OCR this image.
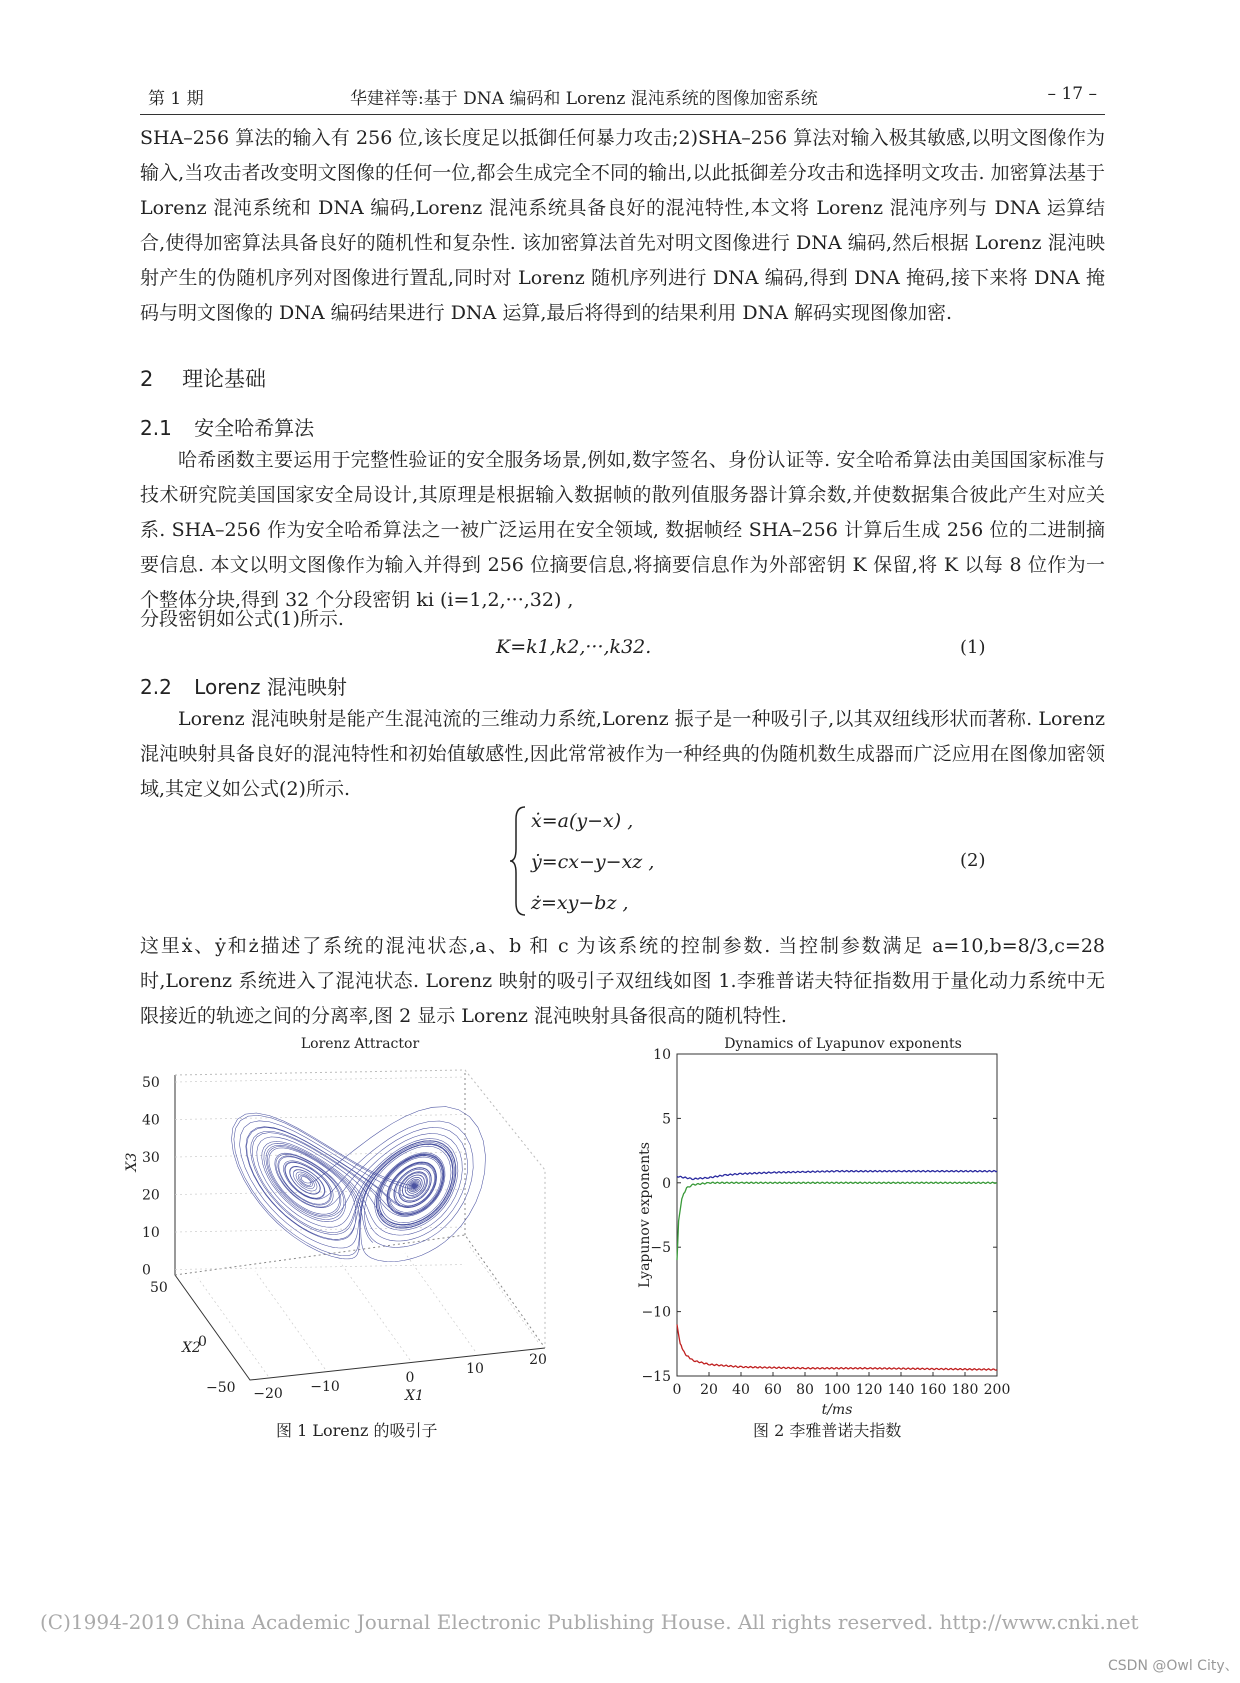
第 1 期	华建祥等:基于 DNA 编码和 Lorenz 混沌系统的图像加密系统	– 17 –
SHA–256 算法的输入有 256 位,该长度足以抵御任何暴力攻击;2)SHA–256 算法对输入极其敏感,以明文图像作为输入,当攻击者改变明文图像的任何一位,都会生成完全不同的输出,以此抵御差分攻击和选择明文攻击. 加密算法基于 Lorenz 混沌系统和 DNA 编码,Lorenz 混沌系统具备良好的混沌特性,本文将 Lorenz 混沌序列与 DNA 运算结合,使得加密算法具备良好的随机性和复杂性. 该加密算法首先对明文图像进行 DNA 编码,然后根据 Lorenz 混沌映射产生的伪随机序列对图像进行置乱,同时对 Lorenz 随机序列进行 DNA 编码,得到 DNA 掩码,接下来将 DNA 掩码与明文图像的 DNA 编码结果进行 DNA 运算,最后将得到的结果利用 DNA 解码实现图像加密.
2 理论基础
2.1 安全哈希算法
哈希函数主要运用于完整性验证的安全服务场景,例如,数字签名、身份认证等. 安全哈希算法由美国国家标准与技术研究院美国国家安全局设计,其原理是根据输入数据帧的散列值服务器计算余数,并使数据集合彼此产生对应关系. SHA–256 作为安全哈希算法之一被广泛运用在安全领域, 数据帧经 SHA–256 计算后生成 256 位的二进制摘要信息. 本文以明文图像作为输入并得到 256 位摘要信息,将摘要信息作为外部密钥 K 保留,将 K 以每 8 位作为一个整体分块,得到 32 个分段密钥 ki (i=1,2,···,32) ,
分段密钥如公式(1)所示.
K=k1,k2,···,k32.	(1)
2.2 Lorenz 混沌映射
Lorenz 混沌映射是能产生混沌流的三维动力系统,Lorenz 振子是一种吸引子,以其双纽线形状而著称. Lorenz 混沌映射具备良好的混沌特性和初始值敏感性,因此常常被作为一种经典的伪随机数生成器而广泛应用在图像加密领域,其定义如公式(2)所示.
ẋ=a(y−x) ,
ẏ=cx−y−xz ,
ż=xy−bz ,
(2)
这里ẋ、ẏ和ż描述了系统的混沌状态,a、b 和 c 为该系统的控制参数. 当控制参数满足 a=10,b=8/3,c=28时,Lorenz 系统进入了混沌状态. Lorenz 映射的吸引子双纽线如图 1.李雅普诺夫特征指数用于量化动力系统中无限接近的轨迹之间的分离率,图 2 显示 Lorenz 混沌映射具备很高的随机特性.
Lorenz Attractor
50
40
30
20
10
0
50
0
−50 −20 −10
0
10
20
X3
X2
X1
图 1 Lorenz 的吸引子
Dynamics of Lyapunov exponents
0 20 40 60 80 100 120 140 160 180 200
10
5
0
−5
−10
−15
Lyapunov exponents
t/ms
图 2 李雅普诺夫指数
(C)1994-2019 China Academic Journal Electronic Publishing House. All rights reserved. http://www.cnki.net
CSDN @Owl City、
